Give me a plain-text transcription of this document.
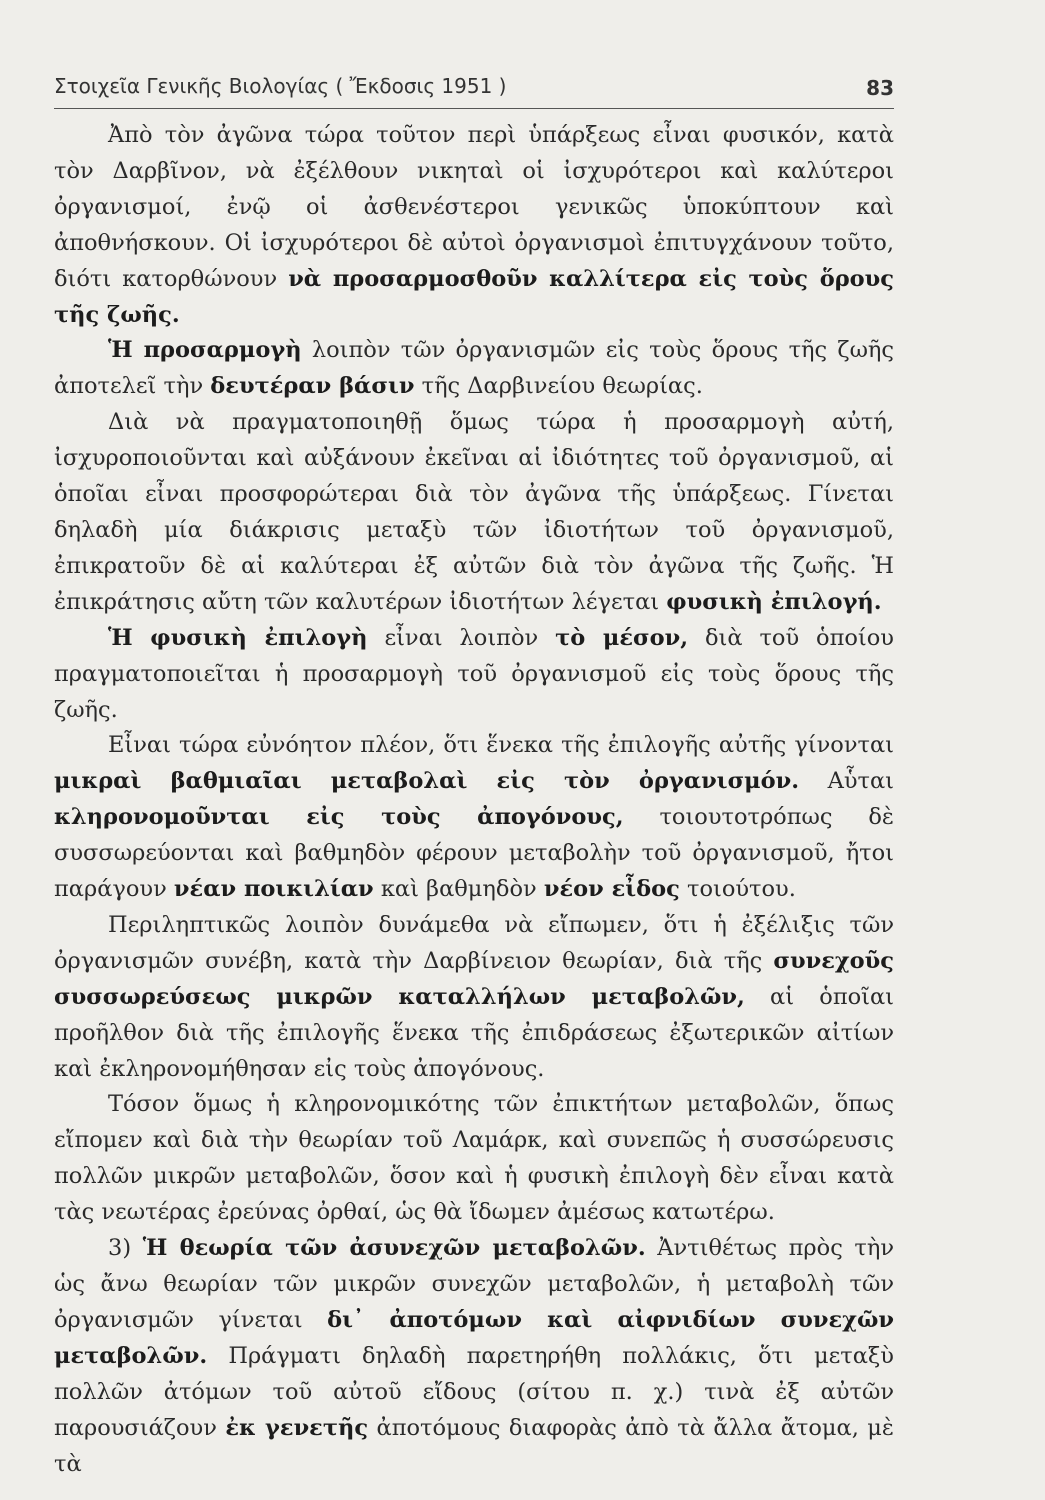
Στοιχεῖα Γενικῆς Βιολογίας ( Ἔκδοσις 1951 )	83

Ἀπὸ τὸν ἀγῶνα τώρα τοῦτον περὶ ὑπάρξεως εἶναι φυσικόν, κατὰ τὸν Δαρβῖνον, νὰ ἐξέλθουν νικηταὶ οἱ ἰσχυρότεροι καὶ καλύτεροι ὀργανισμοί, ἐνῷ οἱ ἀσθενέστεροι γενικῶς ὑποκύπτουν καὶ ἀποθνήσκουν. Οἱ ἰσχυρότεροι δὲ αὐτοὶ ὀργανισμοὶ ἐπιτυγχάνουν τοῦτο, διότι κατορθώνουν νὰ προσαρμοσθοῦν καλλίτερα εἰς τοὺς ὅρους τῆς ζωῆς.

Ἡ προσαρμογὴ λοιπὸν τῶν ὀργανισμῶν εἰς τοὺς ὅρους τῆς ζωῆς ἀποτελεῖ τὴν δευτέραν βάσιν τῆς Δαρβινείου θεωρίας.

Διὰ νὰ πραγματοποιηθῇ ὅμως τώρα ἡ προσαρμογὴ αὐτή, ἰσχυροποιοῦνται καὶ αὐξάνουν ἐκεῖναι αἱ ἰδιότητες τοῦ ὀργανισμοῦ, αἱ ὁποῖαι εἶναι προσφορώτεραι διὰ τὸν ἀγῶνα τῆς ὑπάρξεως. Γίνεται δηλαδὴ μία διάκρισις μεταξὺ τῶν ἰδιοτήτων τοῦ ὀργανισμοῦ, ἐπικρατοῦν δὲ αἱ καλύτεραι ἐξ αὐτῶν διὰ τὸν ἀγῶνα τῆς ζωῆς. Ἡ ἐπικράτησις αὔτη τῶν καλυτέρων ἰδιοτήτων λέγεται φυσικὴ ἐπιλογή.

Ἡ φυσικὴ ἐπιλογὴ εἶναι λοιπὸν τὸ μέσον, διὰ τοῦ ὁποίου πραγματοποιεῖται ἡ προσαρμογὴ τοῦ ὀργανισμοῦ εἰς τοὺς ὅρους τῆς ζωῆς.

Εἶναι τώρα εὐνόητον πλέον, ὅτι ἕνεκα τῆς ἐπιλογῆς αὐτῆς γίνονται μικραὶ βαθμιαῖαι μεταβολαὶ εἰς τὸν ὀργανισμόν. Αὗται κληρονομοῦνται εἰς τοὺς ἀπογόνους, τοιουτοτρόπως δὲ συσσωρεύονται καὶ βαθμηδὸν φέρουν μεταβολὴν τοῦ ὀργανισμοῦ, ἤτοι παράγουν νέαν ποικιλίαν καὶ βαθμηδὸν νέον εἶδος τοιούτου.

Περιληπτικῶς λοιπὸν δυνάμεθα νὰ εἴπωμεν, ὅτι ἡ ἐξέλιξις τῶν ὀργανισμῶν συνέβη, κατὰ τὴν Δαρβίνειον θεωρίαν, διὰ τῆς συνεχοῦς συσσωρεύσεως μικρῶν καταλλήλων μεταβολῶν, αἱ ὁποῖαι προῆλθον διὰ τῆς ἐπιλογῆς ἕνεκα τῆς ἐπιδράσεως ἐξωτερικῶν αἰτίων καὶ ἐκληρονομήθησαν εἰς τοὺς ἀπογόνους.

Τόσον ὅμως ἡ κληρονομικότης τῶν ἐπικτήτων μεταβολῶν, ὅπως εἴπομεν καὶ διὰ τὴν θεωρίαν τοῦ Λαμάρκ, καὶ συνεπῶς ἡ συσσώρευσις πολλῶν μικρῶν μεταβολῶν, ὅσον καὶ ἡ φυσικὴ ἐπιλογὴ δὲν εἶναι κατὰ τὰς νεωτέρας ἐρεύνας ὀρθαί, ὡς θὰ ἴδωμεν ἀμέσως κατωτέρω.

3) Ἡ θεωρία τῶν ἀσυνεχῶν μεταβολῶν. Ἀντιθέτως πρὸς τὴν ὡς ἄνω θεωρίαν τῶν μικρῶν συνεχῶν μεταβολῶν, ἡ μεταβολὴ τῶν ὀργανισμῶν γίνεται δι᾿ ἀποτόμων καὶ αἰφνιδίων συνεχῶν μεταβολῶν. Πράγματι δηλαδὴ παρετηρήθη πολλάκις, ὅτι μεταξὺ πολλῶν ἀτόμων τοῦ αὐτοῦ εἴδους (σίτου π. χ.) τινὰ ἐξ αὐτῶν παρουσιάζουν ἐκ γενετῆς ἀποτόμους διαφορὰς ἀπὸ τὰ ἄλλα ἄτομα, μὲ τὰ
